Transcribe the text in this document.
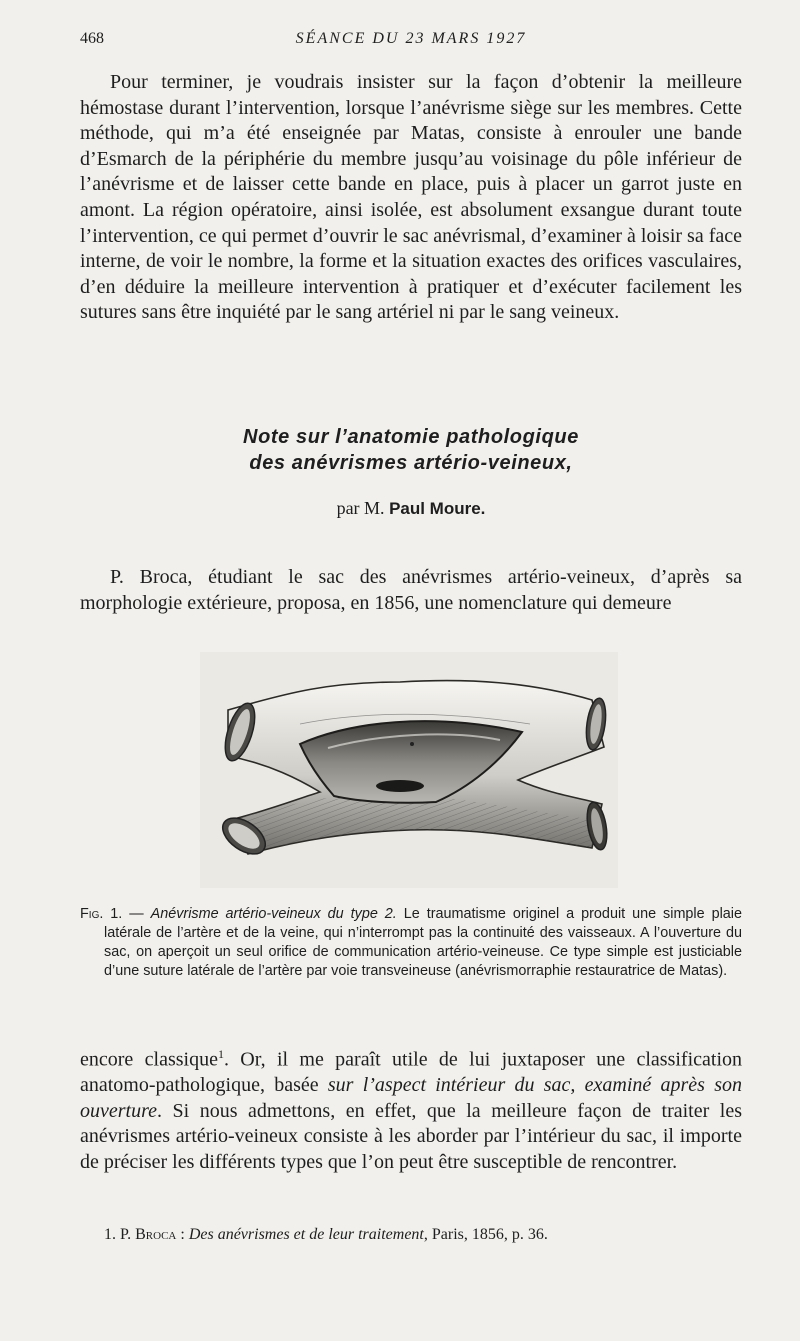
468	SÉANCE DU 23 MARS 1927

Pour terminer, je voudrais insister sur la façon d’obtenir la meilleure hémostase durant l’intervention, lorsque l’anévrisme siège sur les membres. Cette méthode, qui m’a été enseignée par Matas, consiste à enrouler une bande d’Esmarch de la périphérie du membre jusqu’au voisinage du pôle inférieur de l’anévrisme et de laisser cette bande en place, puis à placer un garrot juste en amont. La région opératoire, ainsi isolée, est absolument exsangue durant toute l’intervention, ce qui permet d’ouvrir le sac anévrismal, d’examiner à loisir sa face interne, de voir le nombre, la forme et la situation exactes des orifices vasculaires, d’en déduire la meilleure intervention à pratiquer et d’exécuter facilement les sutures sans être inquiété par le sang artériel ni par le sang veineux.

Note sur l’anatomie pathologique
des anévrismes artério-veineux,
par M. Paul Moure.

P. Broca, étudiant le sac des anévrismes artério-veineux, d’après sa morphologie extérieure, proposa, en 1856, une nomenclature qui demeure

Fig. 1. — Anévrisme artério-veineux du type 2. Le traumatisme originel a produit une simple plaie latérale de l’artère et de la veine, qui n’interrompt pas la continuité des vaisseaux. A l’ouverture du sac, on aperçoit un seul orifice de communication artério-veineuse. Ce type simple est justiciable d’une suture latérale de l’artère par voie transveineuse (anévrismorraphie restauratrice de Matas).

encore classique$^1$. Or, il me paraît utile de lui juxtaposer une classification anatomo-pathologique, basée sur l’aspect intérieur du sac, examiné après son ouverture. Si nous admettons, en effet, que la meilleure façon de traiter les anévrismes artério-veineux consiste à les aborder par l’intérieur du sac, il importe de préciser les différents types que l’on peut être susceptible de rencontrer.

1. P. Broca : Des anévrismes et de leur traitement, Paris, 1856, p. 36.
